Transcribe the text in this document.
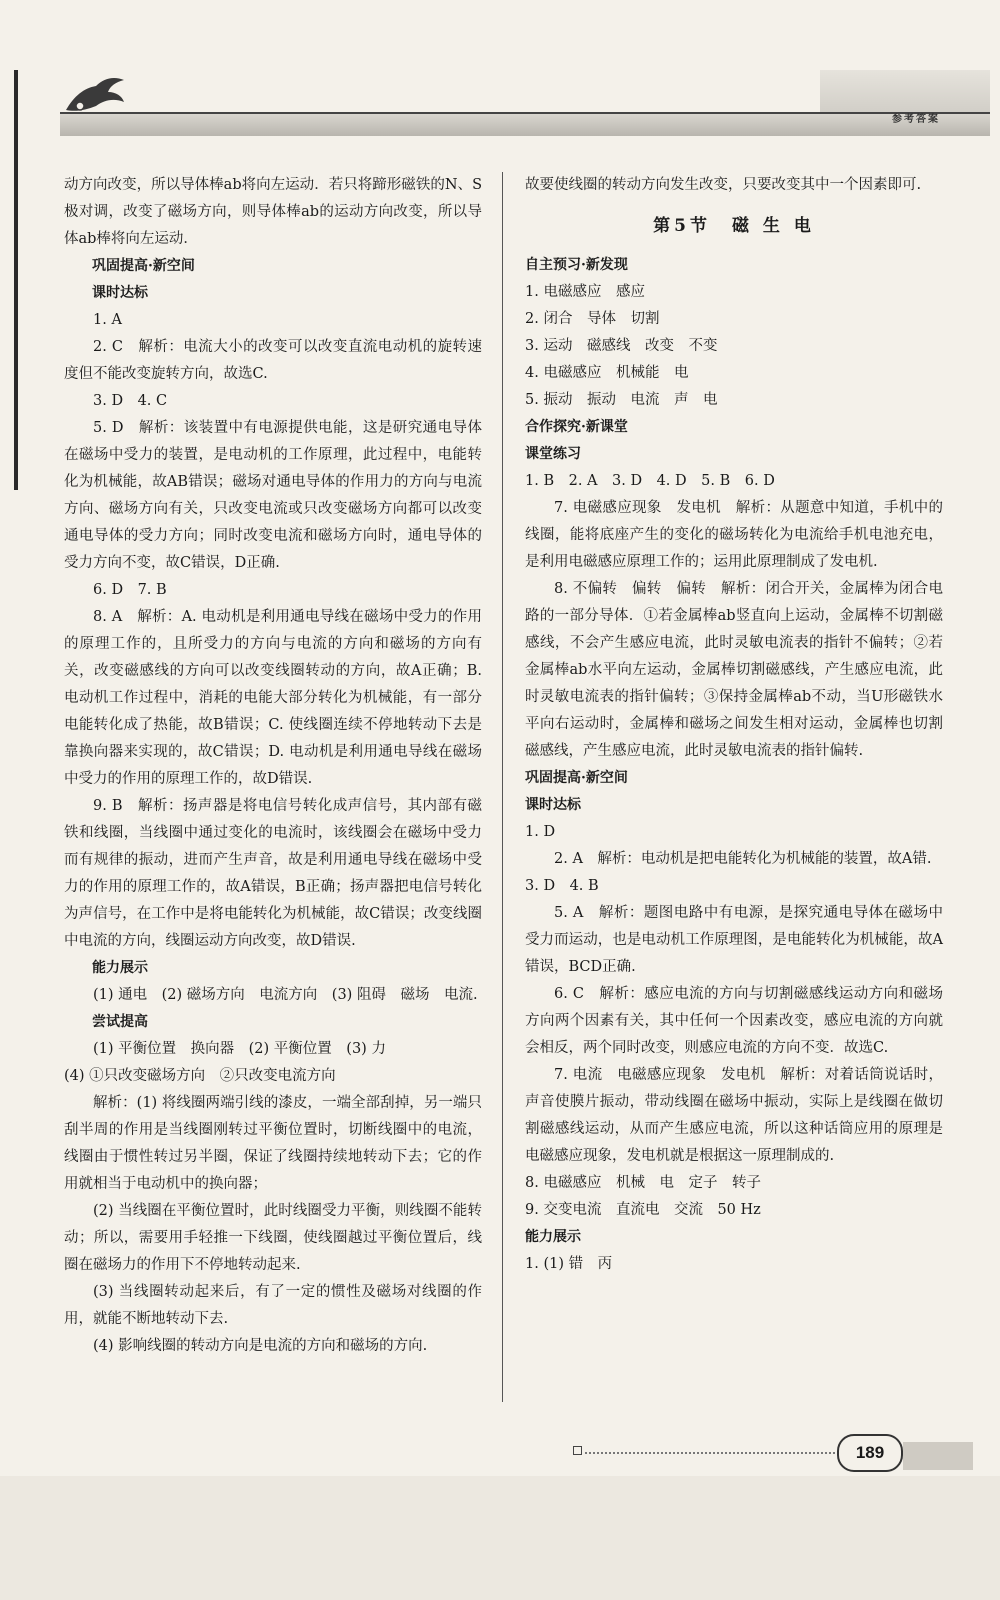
参考答案

动方向改变，所以导体棒ab将向左运动．若只将蹄形磁铁的N、S极对调，改变了磁场方向，则导体棒ab的运动方向改变，所以导体ab棒将向左运动．

巩固提高·新空间

课时达标

1. A

2. C　解析：电流大小的改变可以改变直流电动机的旋转速度但不能改变旋转方向，故选C.

3. D　4. C

5. D　解析：该装置中有电源提供电能，这是研究通电导体在磁场中受力的装置，是电动机的工作原理，此过程中，电能转化为机械能，故AB错误；磁场对通电导体的作用力的方向与电流方向、磁场方向有关，只改变电流或只改变磁场方向都可以改变通电导体的受力方向；同时改变电流和磁场方向时，通电导体的受力方向不变，故C错误，D正确.

6. D　7. B

8. A　解析：A. 电动机是利用通电导线在磁场中受力的作用的原理工作的，且所受力的方向与电流的方向和磁场的方向有关，改变磁感线的方向可以改变线圈转动的方向，故A正确；B. 电动机工作过程中，消耗的电能大部分转化为机械能，有一部分电能转化成了热能，故B错误；C. 使线圈连续不停地转动下去是靠换向器来实现的，故C错误；D. 电动机是利用通电导线在磁场中受力的作用的原理工作的，故D错误.

9. B　解析：扬声器是将电信号转化成声信号，其内部有磁铁和线圈，当线圈中通过变化的电流时，该线圈会在磁场中受力而有规律的振动，进而产生声音，故是利用通电导线在磁场中受力的作用的原理工作的，故A错误，B正确；扬声器把电信号转化为声信号，在工作中是将电能转化为机械能，故C错误；改变线圈中电流的方向，线圈运动方向改变，故D错误.

能力展示

(1) 通电　(2) 磁场方向　电流方向　(3) 阻碍　磁场　电流.

尝试提高

(1) 平衡位置　换向器　(2) 平衡位置　(3) 力

(4) ①只改变磁场方向　②只改变电流方向

解析：(1) 将线圈两端引线的漆皮，一端全部刮掉，另一端只刮半周的作用是当线圈刚转过平衡位置时，切断线圈中的电流，线圈由于惯性转过另半圈，保证了线圈持续地转动下去；它的作用就相当于电动机中的换向器；

(2) 当线圈在平衡位置时，此时线圈受力平衡，则线圈不能转动；所以，需要用手轻推一下线圈，使线圈越过平衡位置后，线圈在磁场力的作用下不停地转动起来.

(3) 当线圈转动起来后，有了一定的惯性及磁场对线圈的作用，就能不断地转动下去.

(4) 影响线圈的转动方向是电流的方向和磁场的方向.

故要使线圈的转动方向发生改变，只要改变其中一个因素即可.

第5节　磁 生 电

自主预习·新发现

1. 电磁感应　感应

2. 闭合　导体　切割

3. 运动　磁感线　改变　不变

4. 电磁感应　机械能　电

5. 振动　振动　电流　声　电

合作探究·新课堂

课堂练习

1. B　2. A　3. D　4. D　5. B　6. D

7. 电磁感应现象　发电机　解析：从题意中知道，手机中的线圈，能将底座产生的变化的磁场转化为电流给手机电池充电，是利用电磁感应原理工作的；运用此原理制成了发电机.

8. 不偏转　偏转　偏转　解析：闭合开关，金属棒为闭合电路的一部分导体．①若金属棒ab竖直向上运动，金属棒不切割磁感线，不会产生感应电流，此时灵敏电流表的指针不偏转；②若金属棒ab水平向左运动，金属棒切割磁感线，产生感应电流，此时灵敏电流表的指针偏转；③保持金属棒ab不动，当U形磁铁水平向右运动时，金属棒和磁场之间发生相对运动，金属棒也切割磁感线，产生感应电流，此时灵敏电流表的指针偏转.

巩固提高·新空间

课时达标

1. D

2. A　解析：电动机是把电能转化为机械能的装置，故A错.

3. D　4. B

5. A　解析：题图电路中有电源，是探究通电导体在磁场中受力而运动，也是电动机工作原理图，是电能转化为机械能，故A错误，BCD正确.

6. C　解析：感应电流的方向与切割磁感线运动方向和磁场方向两个因素有关，其中任何一个因素改变，感应电流的方向就会相反，两个同时改变，则感应电流的方向不变．故选C.

7. 电流　电磁感应现象　发电机　解析：对着话筒说话时，声音使膜片振动，带动线圈在磁场中振动，实际上是线圈在做切割磁感线运动，从而产生感应电流，所以这种话筒应用的原理是电磁感应现象，发电机就是根据这一原理制成的.

8. 电磁感应　机械　电　定子　转子

9. 交变电流　直流电　交流　50 Hz

能力展示

1. (1) 错　丙

189
